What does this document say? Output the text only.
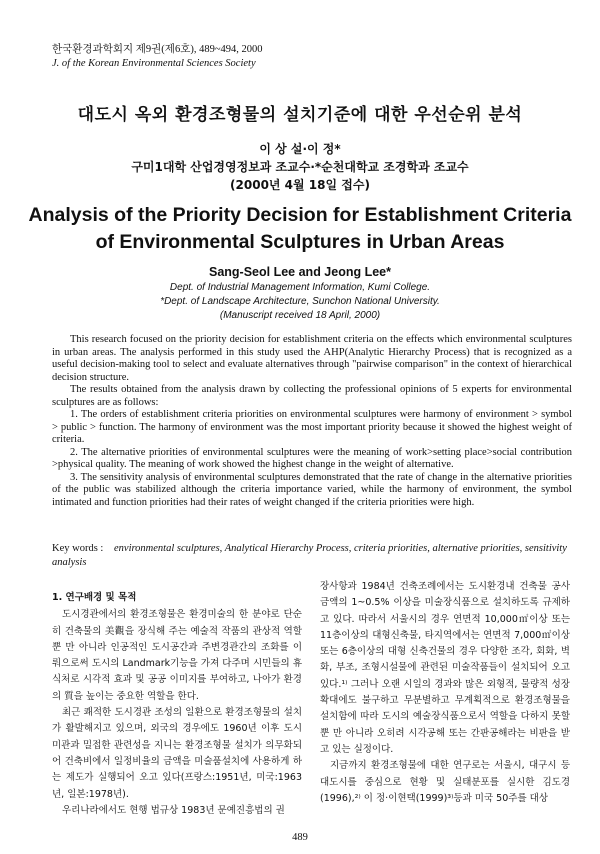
한국환경과학회지 제9권(제6호), 489~494, 2000
J. of the Korean Environmental Sciences Society
대도시 옥외 환경조형물의 설치기준에 대한 우선순위 분석
이 상 설·이 정*
구미1대학 산업경영정보과 조교수·*순천대학교 조경학과 조교수
(2000년 4월 18일 접수)
Analysis of the Priority Decision for Establishment Criteria
of Environmental Sculptures in Urban Areas
Sang-Seol Lee and Jeong Lee*
Dept. of Industrial Management Information, Kumi College.
*Dept. of Landscape Architecture, Sunchon National University.
(Manuscript received 18 April, 2000)

This research focused on the priority decision for establishment criteria on the effects which environmental sculptures in urban areas. The analysis performed in this study used the AHP(Analytic Hierarchy Process) that is recognized as a useful decision-making tool to select and evaluate alternatives through "pairwise comparison" in the context of hierarchical decision structure.

The results obtained from the analysis drawn by collecting the professional opinions of 5 experts for environmental sculptures are as follows:

1. The orders of establishment criteria priorities on environmental sculptures were harmony of environment > symbol > public > function. The harmony of environment was the most important priority because it showed the highest weight of criteria.

2. The alternative priorities of environmental sculptures were the meaning of work>setting place>social contribution >physical quality. The meaning of work showed the highest change in the weight of alternative.

3. The sensitivity analysis of environmental sculptures demonstrated that the rate of change in the alternative priorities of the public was stabilized although the criteria importance varied, while the harmony of environment, the symbol intimated and function priorities had their rates of weight changed if the criteria priorities were high.

Key words : environmental sculptures, Analytical Hierarchy Process, criteria priorities, alternative priorities, sensitivity analysis
1. 연구배경 및 목적

도시경관에서의 환경조형물은 환경미술의 한 분야로 단순히 건축물의 美觀을 장식해 주는 예술적 작품의 관상적 역할 뿐 만 아니라 인공적인 도시공간과 주변경관간의 조화를 이뤄으로써 도시의 Landmark기능을 가져 다주며 시민들의 휴식처로 시각적 효과 및 공공 이미지를 부여하고, 나아가 환경의 質을 높이는 중요한 역할을 한다.

최근 쾌적한 도시경관 조성의 일환으로 환경조형물의 설치가 활발해지고 있으며, 외국의 경우에도 1960년 이후 도시미관과 밀접한 관련성을 지니는 환경조형물 설치가 의무화되어 건축비에서 일정비율의 금액을 미술품설치에 사용하게 하는 제도가 실행되어 오고 있다(프랑스:1951년, 미국:1963년, 일본:1978년).

우리나라에서도 현행 법규상 1983년 문예진흥법의 권

장사항과 1984년 건축조례에서는 도시환경내 건축물 공사금액의 1~0.5% 이상을 미술장식품으로 설치하도록 규제하고 있다. 따라서 서울시의 경우 연면적 10,000㎡이상 또는 11층이상의 대형신축물, 타지역에서는 연면적 7,000㎡이상 또는 6층이상의 대형 신축건물의 경우 다양한 조각, 회화, 벽화, 부조, 조형시설물에 관련된 미술작품들이 설치되어 오고 있다.¹⁾ 그러나 오랜 시일의 경과와 많은 외형적, 물량적 성장확대에도 불구하고 무분별하고 무계획적으로 환경조형물을 설치함에 따라 도시의 예술장식품으로서 역할을 다하지 못할 뿐 만 아니라 오히려 시각공해 또는 간판공해라는 비판을 받고 있는 실정이다.

지금까지 환경조형물에 대한 연구로는 서울시, 대구시 등 대도시를 중심으로 현황 및 실태분포를 실시한 김도경(1996),²⁾ 이 정·이현택(1999)³⁾등과 미국 50주를 대상

489
